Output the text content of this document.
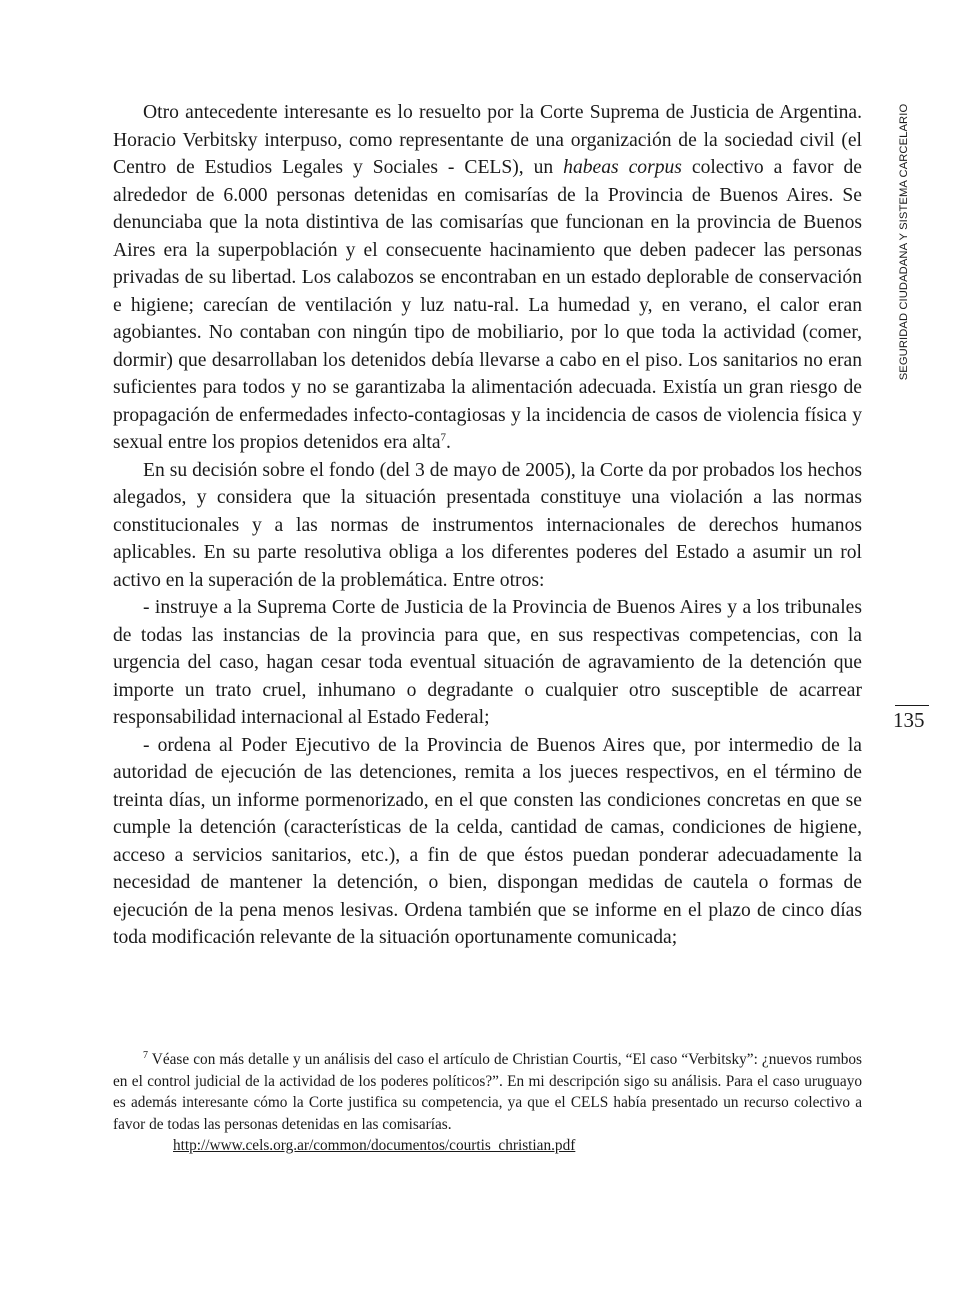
Otro antecedente interesante es lo resuelto por la Corte Suprema de Justicia de Argentina. Horacio Verbitsky interpuso, como representante de una organización de la sociedad civil (el Centro de Estudios Legales y Sociales - CELS), un habeas corpus colectivo a favor de alrededor de 6.000 personas detenidas en comisarías de la Provincia de Buenos Aires. Se denunciaba que la nota distintiva de las comisarías que funcionan en la provincia de Buenos Aires era la superpoblación y el consecuente hacinamiento que deben padecer las personas privadas de su libertad. Los calabozos se encontraban en un estado deplorable de conservación e higiene; carecían de ventilación y luz natu-ral. La humedad y, en verano, el calor eran agobiantes. No contaban con ningún tipo de mobiliario, por lo que toda la actividad (comer, dormir) que desarrollaban los detenidos debía llevarse a cabo en el piso. Los sanitarios no eran suficientes para todos y no se garantizaba la alimentación adecuada. Existía un gran riesgo de propagación de enfermedades infecto-contagiosas y la incidencia de casos de violencia física y sexual entre los propios detenidos era alta$^7$.

En su decisión sobre el fondo (del 3 de mayo de 2005), la Corte da por probados los hechos alegados, y considera que la situación presentada constituye una violación a las normas constitucionales y a las normas de instrumentos internacionales de derechos humanos aplicables. En su parte resolutiva obliga a los diferentes poderes del Estado a asumir un rol activo en la superación de la problemática. Entre otros:

- instruye a la Suprema Corte de Justicia de la Provincia de Buenos Aires y a los tribunales de todas las instancias de la provincia para que, en sus respectivas competencias, con la urgencia del caso, hagan cesar toda eventual situación de agravamiento de la detención que importe un trato cruel, inhumano o degradante o cualquier otro susceptible de acarrear responsabilidad internacional al Estado Federal;

- ordena al Poder Ejecutivo de la Provincia de Buenos Aires que, por intermedio de la autoridad de ejecución de las detenciones, remita a los jueces respectivos, en el término de treinta días, un informe pormenorizado, en el que consten las condiciones concretas en que se cumple la detención (características de la celda, cantidad de camas, condiciones de higiene, acceso a servicios sanitarios, etc.), a fin de que éstos puedan ponderar adecuadamente la necesidad de mantener la detención, o bien, dispongan medidas de cautela o formas de ejecución de la pena menos lesivas. Ordena también que se informe en el plazo de cinco días toda modificación relevante de la situación oportunamente comunicada;

$^7$ Véase con más detalle y un análisis del caso el artículo de Christian Courtis, “El caso “Verbitsky”: ¿nuevos rumbos en el control judicial de la actividad de los poderes políticos?”. En mi descripción sigo su análisis. Para el caso uruguayo es además interesante cómo la Corte justifica su competencia, ya que el CELS había presentado un recurso colectivo a favor de todas las personas detenidas en las comisarías.

http://www.cels.org.ar/common/documentos/courtis_christian.pdf

SEGURIDAD CIUDADANA Y SISTEMA CARCELARIO
135
